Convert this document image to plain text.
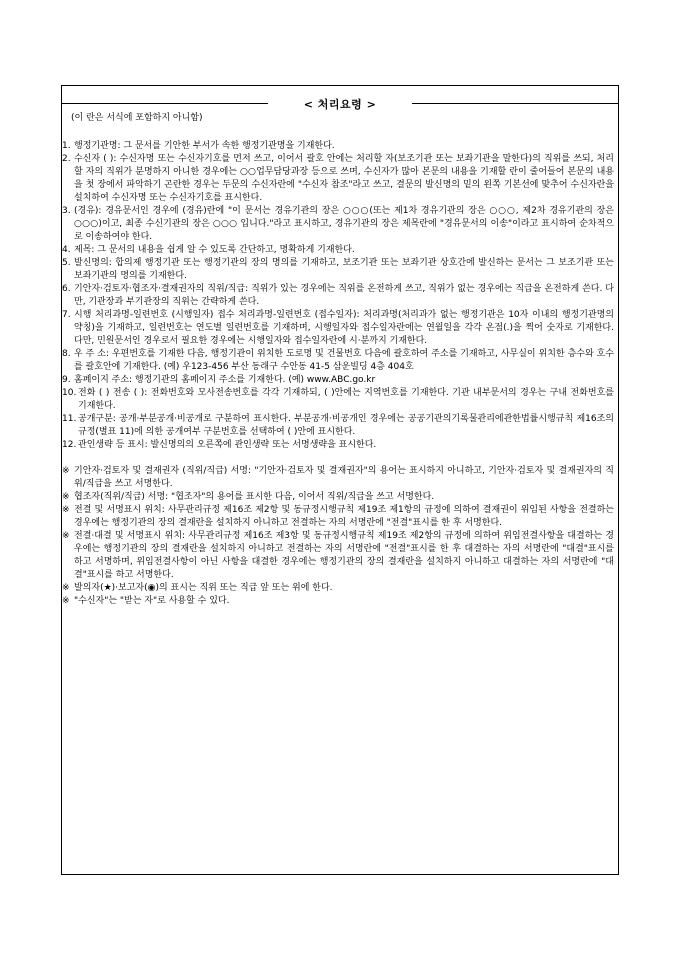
< 처리요령 >
(이 란은 서식에 포함하지 아니함)
1. 행정기관명: 그 문서를 기안한 부서가 속한 행정기관명을 기재한다.
2. 수신자 ( ): 수신자명 또는 수신자기호를 먼저 쓰고, 이어서 괄호 안에는 처리할 자(보조기관 또는 보좌기관을 말한다)의 직위를 쓰되, 처리할 자의 직위가 분명하지 아니한 경우에는 ○○업무담당과장 등으로 쓰며, 수신자가 많아 본문의 내용을 기재할 란이 줄어들어 본문의 내용을 첫 장에서 파악하기 곤란한 경우는 두문의 수신자란에 "수신자 참조"라고 쓰고, 결문의 발신명의 밑의 왼쪽 기본선에 맞추어 수신자란을 설치하여 수신자명 또는 수신자기호를 표시한다.
3. (경유): 경유문서인 경우에 (경유)란에 "이 문서는 경유기관의 장은 ○○○(또는 제1차 경유기관의 장은 ○○○, 제2차 경유기관의 장은 ○○○)이고, 최종 수신기관의 장은 ○○○ 입니다."라고 표시하고, 경유기관의 장은 제목란에 "경유문서의 이송"이라고 표시하여 순차적으로 이송하여야 한다.
4. 제목: 그 문서의 내용을 쉽게 알 수 있도록 간단하고, 명확하게 기재한다.
5. 발신명의: 합의제 행정기관 또는 행정기관의 장의 명의를 기재하고, 보조기관 또는 보좌기관 상호간에 발신하는 문서는 그 보조기관 또는 보좌기관의 명의를 기재한다.
6. 기안자·검토자·협조자·결재권자의 직위/직급: 직위가 있는 경우에는 직위를 온전하게 쓰고, 직위가 없는 경우에는 직급을 온전하게 쓴다. 다만, 기관장과 부기관장의 직위는 간략하게 쓴다.
7. 시행 처리과명-일련번호 (시행일자) 접수 처리과명-일련번호 (접수일자): 처리과명(처리과가 없는 행정기관은 10자 이내의 행정기관명의 약칭)을 기재하고, 일련번호는 연도별 일련번호를 기재하며, 시행일자와 접수일자란에는 연월일을 각각 온점(.)을 찍어 숫자로 기재한다. 다만, 민원문서인 경우로서 필요한 경우에는 시행일자와 접수일자란에 시·분까지 기재한다.
8. 우 주 소: 우편번호를 기재한 다음, 행정기관이 위치한 도로명 및 건물번호 다음에 괄호하여 주소를 기재하고, 사무실이 위치한 층수와 호수를 괄호안에 기재한다. (예) 우123-456 부산 동래구 수안동 41-5 삼운빌딩 4층 404호
9. 홈페이지 주소: 행정기관의 홈페이지 주소를 기재한다. (예) www.ABC.go.kr
10. 전화 ( ) 전송 ( ): 전화번호와 모사전송번호를 각각 기재하되, ( )안에는 지역번호를 기재한다. 기관 내부문서의 경우는 구내 전화번호를 기재한다.
11. 공개구분: 공개·부분공개·비공개로 구분하여 표시한다. 부분공개·비공개인 경우에는 공공기관의기록물관리에관한법률시행규칙 제16조의 규정(별표 11)에 의한 공개여부 구분번호를 선택하여 ( )안에 표시한다.
12. 관인생략 등 표시: 발신명의의 오른쪽에 관인생략 또는 서명생략을 표시한다.
※ 기안자·검토자 및 결재권자 (직위/직급) 서명: "기안자·검토자 및 결재권자"의 용어는 표시하지 아니하고, 기안자·검토자 및 결재권자의 직위/직급을 쓰고 서명한다.
※ 협조자(직위/직급) 서명: "협조자"의 용어를 표시한 다음, 이어서 직위/직급을 쓰고 서명한다.
※ 전결 및 서명표시 위치: 사무관리규정 제16조 제2항 및 동규정시행규칙 제19조 제1항의 규정에 의하여 결재권이 위임된 사항을 전결하는 경우에는 행정기관의 장의 결재란을 설치하지 아니하고 전결하는 자의 서명란에 "전결"표시를 한 후 서명한다.
※ 전결·대결 및 서명표시 위치: 사무관리규정 제16조 제3항 및 동규정시행규칙 제19조 제2항의 규정에 의하여 위임전결사항을 대결하는 경우에는 행정기관의 장의 결재란을 설치하지 아니하고 전결하는 자의 서명란에 "전결"표시를 한 후 대결하는 자의 서명란에 "대결"표시를 하고 서명하며, 위임전결사항이 아닌 사항을 대결한 경우에는 행정기관의 장의 결재란을 설치하지 아니하고 대결하는 자의 서명란에 "대결"표시를 하고 서명한다.
※ 발의자(★)·보고자(◉)의 표시는 직위 또는 직급 앞 또는 위에 한다.
※ "수신자"는 "받는 자"로 사용할 수 있다.
